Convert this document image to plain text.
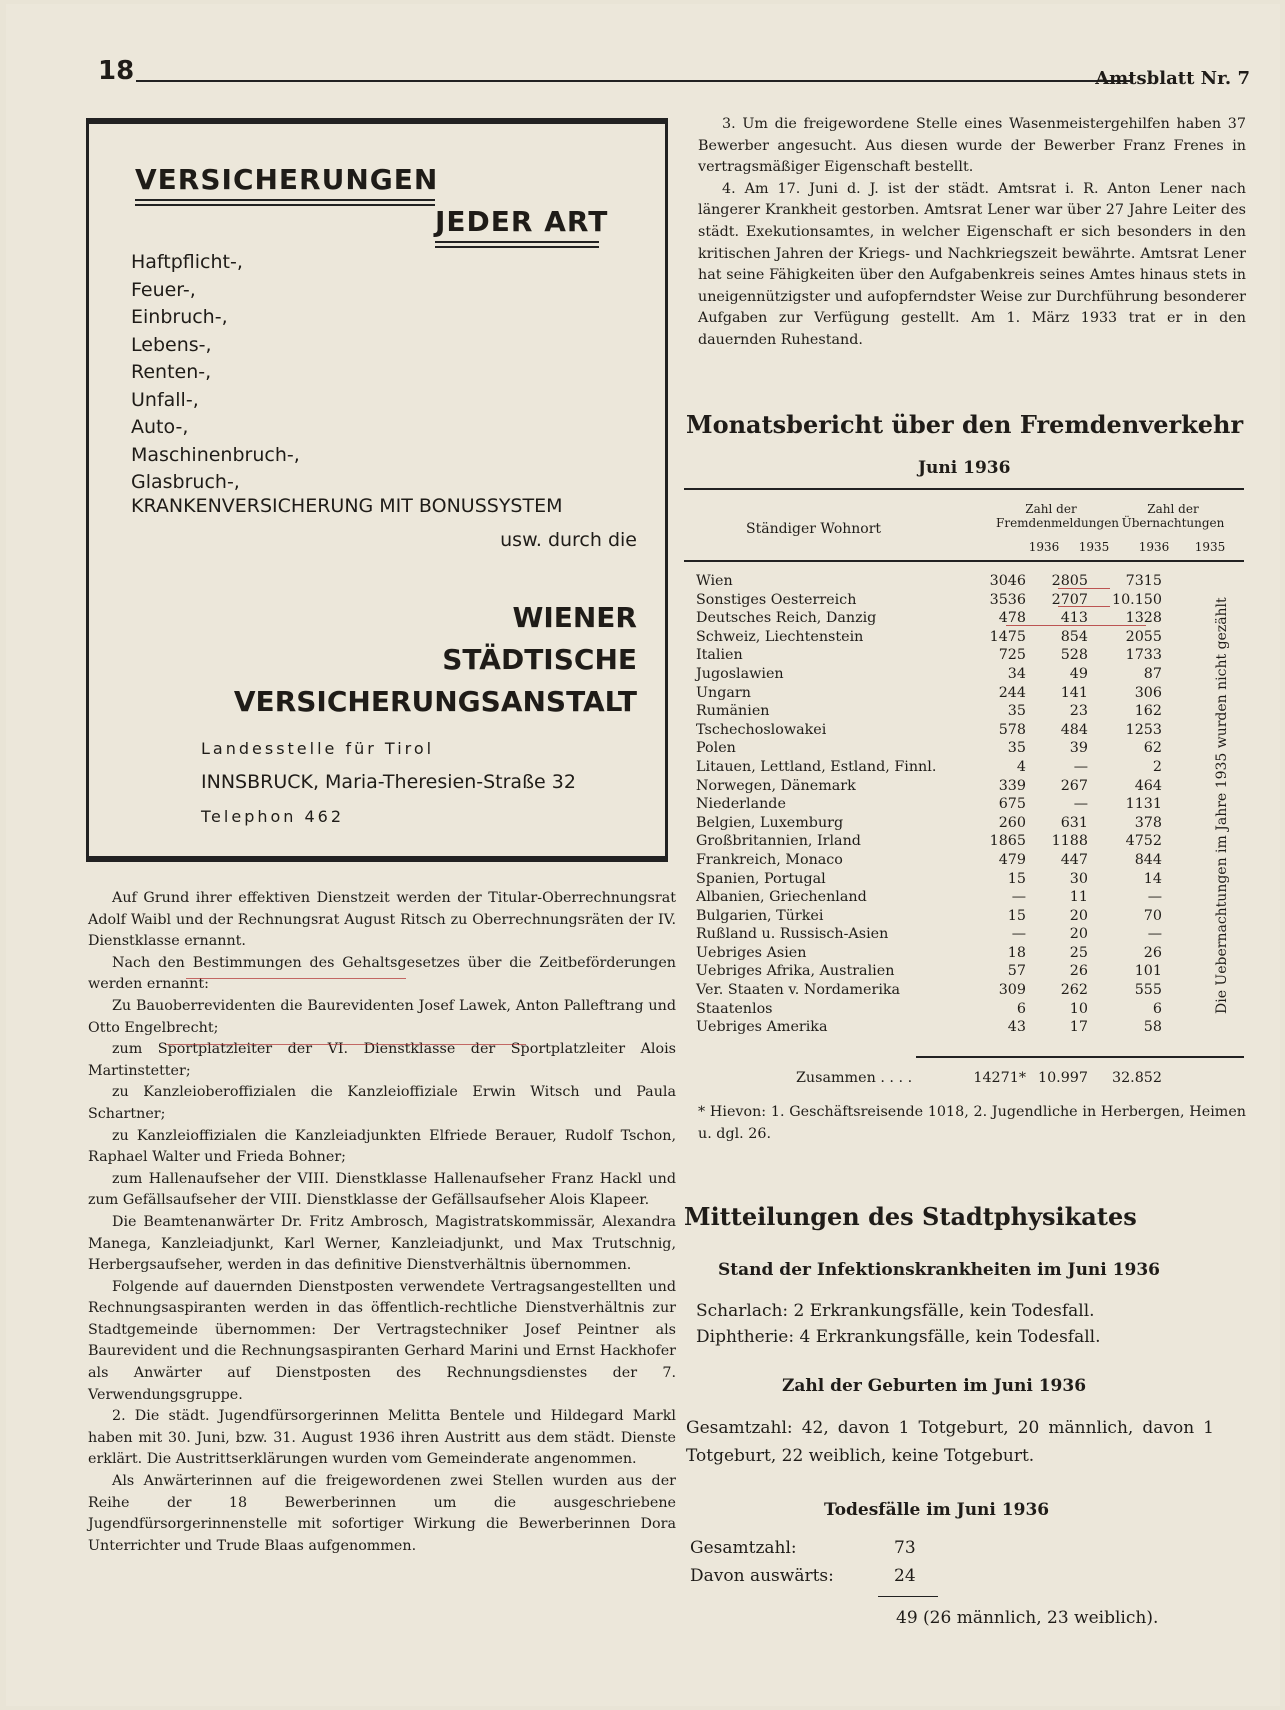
18	Amtsblatt Nr. 7
VERSICHERUNGEN
JEDER ART
Haftpflicht-,
Feuer-,
Einbruch-,
Lebens-,
Renten-,
Unfall-,
Auto-,
Maschinenbruch-,
Glasbruch-,
KRANKENVERSICHERUNG MIT BONUSSYSTEM
usw. durch die
WIENER
STÄDTISCHE
VERSICHERUNGSANSTALT
Landesstelle für Tirol
INNSBRUCK, Maria-Theresien-Straße 32
Telephon 462

Auf Grund ihrer effektiven Dienstzeit werden der Titular-Oberrechnungsrat Adolf Waibl und der Rechnungsrat August Ritsch zu Oberrechnungsräten der IV. Dienstklasse ernannt.

Nach den Bestimmungen des Gehaltsgesetzes über die Zeitbeförderungen werden ernannt:

Zu Bauoberrevidenten die Baurevidenten Josef Lawek, Anton Palleftrang und Otto Engelbrecht;

zum Sportplatzleiter der VI. Dienstklasse der Sportplatzleiter Alois Martinstetter;

zu Kanzleioberoffizialen die Kanzleioffiziale Erwin Witsch und Paula Schartner;

zu Kanzleioffizialen die Kanzleiadjunkten Elfriede Berauer, Rudolf Tschon, Raphael Walter und Frieda Bohner;

zum Hallenaufseher der VIII. Dienstklasse Hallenaufseher Franz Hackl und zum Gefällsaufseher der VIII. Dienstklasse der Gefällsaufseher Alois Klapeer.

Die Beamtenanwärter Dr. Fritz Ambrosch, Magistratskommissär, Alexandra Manega, Kanzleiadjunkt, Karl Werner, Kanzleiadjunkt, und Max Trutschnig, Herbergsaufseher, werden in das definitive Dienstverhältnis übernommen.

Folgende auf dauernden Dienstposten verwendete Vertragsangestellten und Rechnungsaspiranten werden in das öffentlich-rechtliche Dienstverhältnis zur Stadtgemeinde übernommen: Der Vertragstechniker Josef Peintner als Baurevident und die Rechnungsaspiranten Gerhard Marini und Ernst Hackhofer als Anwärter auf Dienstposten des Rechnungsdienstes der 7. Verwendungsgruppe.

2. Die städt. Jugendfürsorgerinnen Melitta Bentele und Hildegard Markl haben mit 30. Juni, bzw. 31. August 1936 ihren Austritt aus dem städt. Dienste erklärt. Die Austrittserklärungen wurden vom Gemeinderate angenommen.

Als Anwärterinnen auf die freigewordenen zwei Stellen wurden aus der Reihe der 18 Bewerberinnen um die ausgeschriebene Jugendfürsorgerinnenstelle mit sofortiger Wirkung die Bewerberinnen Dora Unterrichter und Trude Blaas aufgenommen.

3. Um die freigewordene Stelle eines Wasenmeistergehilfen haben 37 Bewerber angesucht. Aus diesen wurde der Bewerber Franz Frenes in vertragsmäßiger Eigenschaft bestellt.

4. Am 17. Juni d. J. ist der städt. Amtsrat i. R. Anton Lener nach längerer Krankheit gestorben. Amtsrat Lener war über 27 Jahre Leiter des städt. Exekutionsamtes, in welcher Eigenschaft er sich besonders in den kritischen Jahren der Kriegs- und Nachkriegszeit bewährte. Amtsrat Lener hat seine Fähigkeiten über den Aufgabenkreis seines Amtes hinaus stets in uneigennützigster und aufopferndster Weise zur Durchführung besonderer Aufgaben zur Verfügung gestellt. Am 1. März 1933 trat er in den dauernden Ruhestand.

Monatsbericht über den Fremdenverkehr
Juni 1936
Ständiger Wohnort
Zahl der Fremdenmeldungen
Zahl der Übernachtungen
1936	1935	1936	1935
Wien	3046	2805	7315
Sonstiges Oesterreich	3536	2707	10.150
Deutsches Reich, Danzig	478	413	1328
Schweiz, Liechtenstein	1475	854	2055
Italien	725	528	1733
Jugoslawien	34	49	87
Ungarn	244	141	306
Rumänien	35	23	162
Tschechoslowakei	578	484	1253
Polen	35	39	62
Litauen, Lettland, Estland, Finnl.	4	—	2
Norwegen, Dänemark	339	267	464
Niederlande	675	—	1131
Belgien, Luxemburg	260	631	378
Großbritannien, Irland	1865	1188	4752
Frankreich, Monaco	479	447	844
Spanien, Portugal	15	30	14
Albanien, Griechenland	—	11	—
Bulgarien, Türkei	15	20	70
Rußland u. Russisch-Asien	—	20	—
Uebriges Asien	18	25	26
Uebriges Afrika, Australien	57	26	101
Ver. Staaten v. Nordamerika	309	262	555
Staatenlos	6	10	6
Uebriges Amerika	43	17	58
Die Uebernachtungen im Jahre 1935 wurden nicht gezählt
Zusammen . . . .	14271* 10.997	32.852
* Hievon: 1. Geschäftsreisende 1018, 2. Jugendliche in Herbergen, Heimen u. dgl. 26.
Mitteilungen des Stadtphysikates
Stand der Infektionskrankheiten im Juni 1936
Scharlach: 2 Erkrankungsfälle, kein Todesfall.
Diphtherie: 4 Erkrankungsfälle, kein Todesfall.
Zahl der Geburten im Juni 1936
Gesamtzahl: 42, davon 1 Totgeburt, 20 männlich, davon 1 Totgeburt, 22 weiblich, keine Totgeburt.
Todesfälle im Juni 1936
Gesamtzahl:	73
Davon auswärts:	24
49 (26 männlich, 23 weiblich).
